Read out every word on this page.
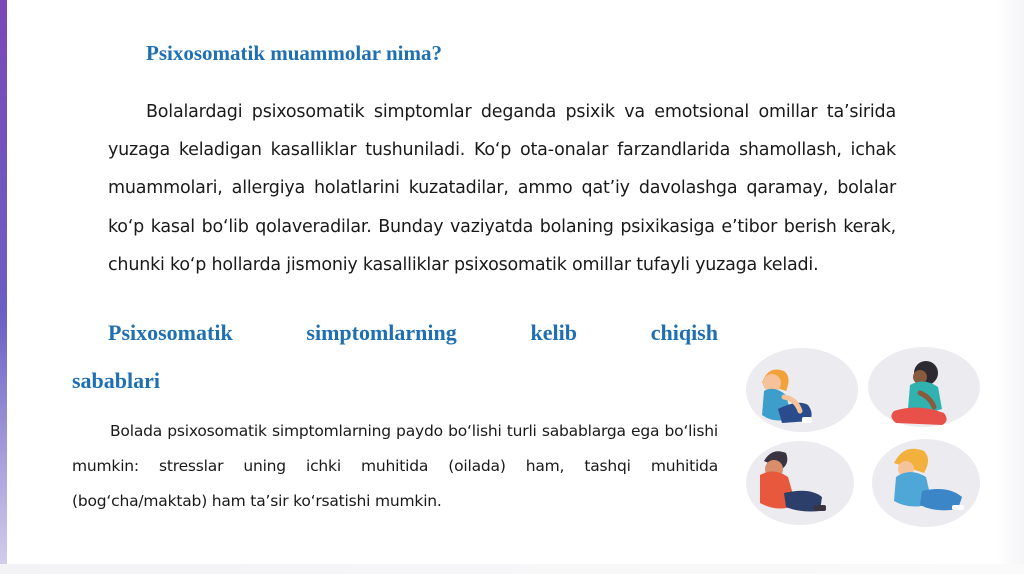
Psixosomatik muammolar nima?

Bolalardagi psixosomatik simptomlar deganda psixik va emotsional omillar ta’sirida yuzaga keladigan kasalliklar tushuniladi. Ko‘p ota-onalar farzandlarida shamollash, ichak muammolari, allergiya holatlarini kuzatadilar, ammo qat’iy davolashga qaramay, bolalar ko‘p kasal bo‘lib qolaveradilar. Bunday vaziyatda bolaning psixikasiga e’tibor berish kerak, chunki ko‘p hollarda jismoniy kasalliklar psixosomatik omillar tufayli yuzaga keladi.

Psixosomatik	simptomlarning	kelib	chiqish
sabablari

Bolada psixosomatik simptomlarning paydo bo‘lishi turli sabablarga ega bo‘lishi mumkin: stresslar uning ichki muhitida (oilada) ham, tashqi muhitida (bog‘cha/maktab) ham ta’sir ko‘rsatishi mumkin.
